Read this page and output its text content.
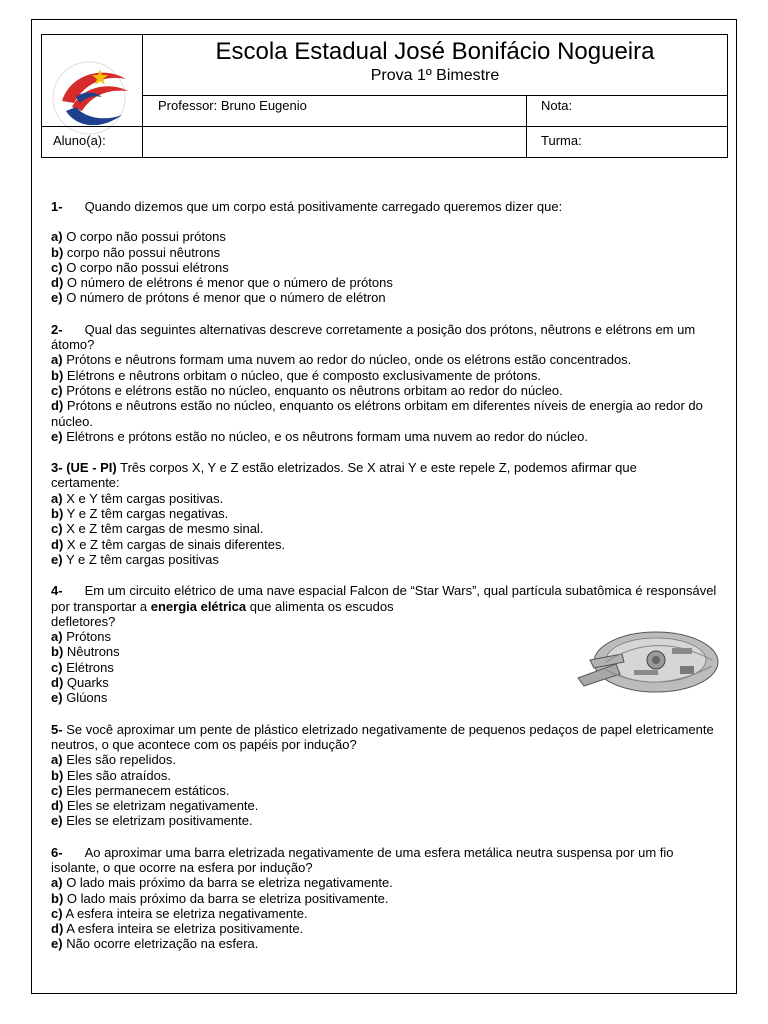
Escola Estadual José Bonifácio Nogueira
Prova 1º Bimestre
Professor: Bruno Eugenio	Nota:
Aluno(a):	Turma:

1- Quando dizemos que um corpo está positivamente carregado queremos dizer que:

a) O corpo não possui prótons

b) corpo não possui nêutrons

c) O corpo não possui elétrons

d) O número de elétrons é menor que o número de prótons

e) O número de prótons é menor que o número de elétron

2- Qual das seguintes alternativas descreve corretamente a posição dos prótons, nêutrons e elétrons em um átomo?

a) Prótons e nêutrons formam uma nuvem ao redor do núcleo, onde os elétrons estão concentrados.

b) Elétrons e nêutrons orbitam o núcleo, que é composto exclusivamente de prótons.

c) Prótons e elétrons estão no núcleo, enquanto os nêutrons orbitam ao redor do núcleo.

d) Prótons e nêutrons estão no núcleo, enquanto os elétrons orbitam em diferentes níveis de energia ao redor do núcleo.

e) Elétrons e prótons estão no núcleo, e os nêutrons formam uma nuvem ao redor do núcleo.

3- (UE - PI) Três corpos X, Y e Z estão eletrizados. Se X atrai Y e este repele Z, podemos afirmar que certamente:

a) X e Y têm cargas positivas.

b) Y e Z têm cargas negativas.

c) X e Z têm cargas de mesmo sinal.

d) X e Z têm cargas de sinais diferentes.

e) Y e Z têm cargas positivas

4- Em um circuito elétrico de uma nave espacial Falcon de “Star Wars”, qual partícula subatômica é responsável por transportar a energia elétrica que alimenta os escudos

defletores?

a) Prótons

b) Nêutrons

c) Elétrons

d) Quarks

e) Glúons

5- Se você aproximar um pente de plástico eletrizado negativamente de pequenos pedaços de papel eletricamente neutros, o que acontece com os papéis por indução?

a) Eles são repelidos.

b) Eles são atraídos.

c) Eles permanecem estáticos.

d) Eles se eletrizam negativamente.

e) Eles se eletrizam positivamente.

6- Ao aproximar uma barra eletrizada negativamente de uma esfera metálica neutra suspensa por um fio isolante, o que ocorre na esfera por indução?

a) O lado mais próximo da barra se eletriza negativamente.

b) O lado mais próximo da barra se eletriza positivamente.

c) A esfera inteira se eletriza negativamente.

d) A esfera inteira se eletriza positivamente.

e) Não ocorre eletrização na esfera.
